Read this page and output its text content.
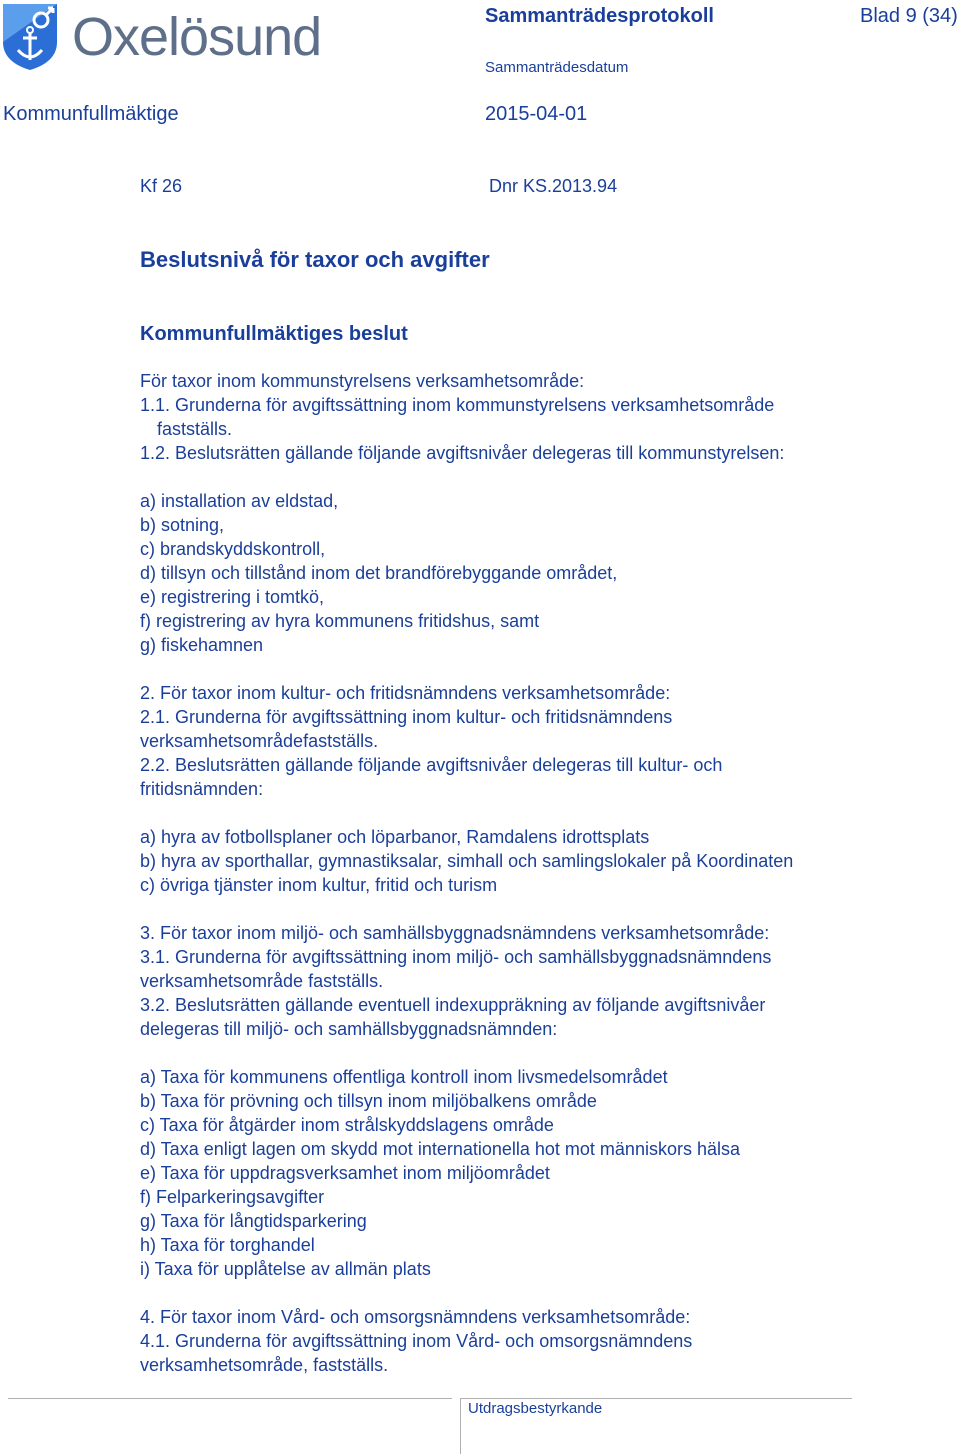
Oxelösund	Sammanträdesprotokoll	Blad 9 (34)
Sammanträdesdatum
Kommunfullmäktige	2015-04-01
Kf 26	Dnr KS.2013.94
Beslutsnivå för taxor och avgifter
Kommunfullmäktiges beslut
För taxor inom kommunstyrelsens verksamhetsområde:
1.1. Grunderna för avgiftssättning inom kommunstyrelsens verksamhetsområde
fastställs.
1.2. Beslutsrätten gällande följande avgiftsnivåer delegeras till kommunstyrelsen:
a) installation av eldstad,
b) sotning,
c) brandskyddskontroll,
d) tillsyn och tillstånd inom det brandförebyggande området,
e) registrering i tomtkö,
f) registrering av hyra kommunens fritidshus, samt
g) fiskehamnen
2. För taxor inom kultur- och fritidsnämndens verksamhetsområde:
2.1. Grunderna för avgiftssättning inom kultur- och fritidsnämndens
verksamhetsområdefastställs.
2.2. Beslutsrätten gällande följande avgiftsnivåer delegeras till kultur- och
fritidsnämnden:
a) hyra av fotbollsplaner och löparbanor, Ramdalens idrottsplats
b) hyra av sporthallar, gymnastiksalar, simhall och samlingslokaler på Koordinaten
c) övriga tjänster inom kultur, fritid och turism
3. För taxor inom miljö- och samhällsbyggnadsnämndens verksamhetsområde:
3.1. Grunderna för avgiftssättning inom miljö- och samhällsbyggnadsnämndens
verksamhetsområde fastställs.
3.2. Beslutsrätten gällande eventuell indexuppräkning av följande avgiftsnivåer
delegeras till miljö- och samhällsbyggnadsnämnden:
a) Taxa för kommunens offentliga kontroll inom livsmedelsområdet
b) Taxa för prövning och tillsyn inom miljöbalkens område
c) Taxa för åtgärder inom strålskyddslagens område
d) Taxa enligt lagen om skydd mot internationella hot mot människors hälsa
e) Taxa för uppdragsverksamhet inom miljöområdet
f) Felparkeringsavgifter
g) Taxa för långtidsparkering
h) Taxa för torghandel
i) Taxa för upplåtelse av allmän plats
4. För taxor inom Vård- och omsorgsnämndens verksamhetsområde:
4.1. Grunderna för avgiftssättning inom Vård- och omsorgsnämndens
verksamhetsområde, fastställs.
Utdragsbestyrkande
